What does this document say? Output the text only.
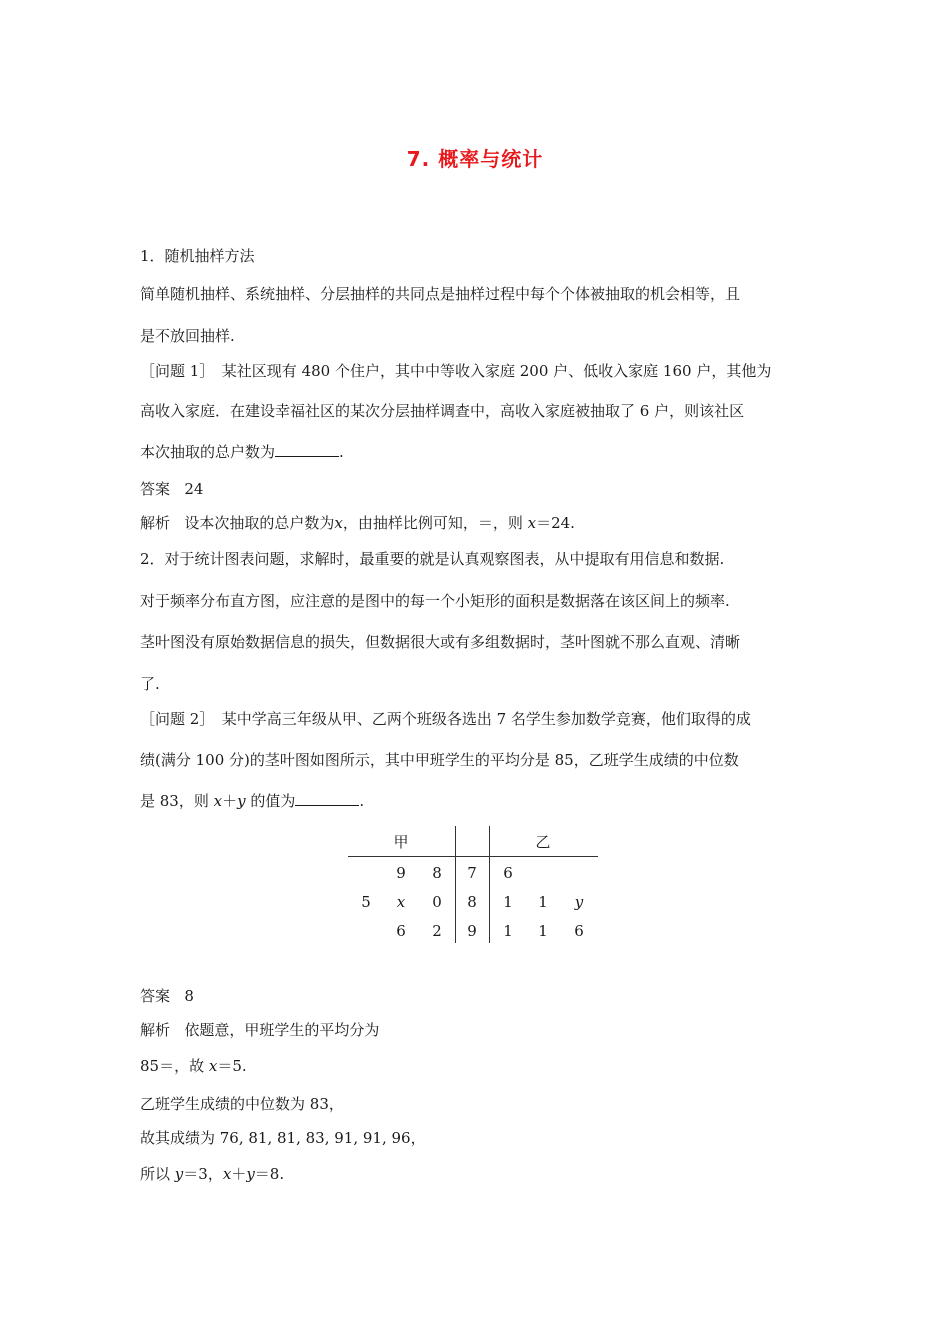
7. 概率与统计
1．随机抽样方法
简单随机抽样、系统抽样、分层抽样的共同点是抽样过程中每个个体被抽取的机会相等，且
是不放回抽样.
［问题 1］　某社区现有 480 个住户，其中中等收入家庭 200 户、低收入家庭 160 户，其他为
高收入家庭．在建设幸福社区的某次分层抽样调查中，高收入家庭被抽取了 6 户，则该社区
本次抽取的总户数为	.
答案 24
解析 设本次抽取的总户数为x，由抽样比例可知，＝，则 x＝24.
2．对于统计图表问题，求解时，最重要的就是认真观察图表，从中提取有用信息和数据.
对于频率分布直方图，应注意的是图中的每一个小矩形的面积是数据落在该区间上的频率.
茎叶图没有原始数据信息的损失，但数据很大或有多组数据时，茎叶图就不那么直观、清晰
了.
［问题 2］　某中学高三年级从甲、乙两个班级各选出 7 名学生参加数学竞赛，他们取得的成
绩(满分 100 分)的茎叶图如图所示，其中甲班学生的平均分是 85，乙班学生成绩的中位数
是 83，则 x＋y 的值为	.
甲	乙
9	8	7	6
5	x	0	8	1	1	y
6	2	9	1	1	6
答案 8
解析 依题意，甲班学生的平均分为
85＝，故 x＝5.
乙班学生成绩的中位数为 83，
故其成绩为 76, 81, 81, 83, 91, 91, 96，
所以 y＝3，x＋y＝8.
